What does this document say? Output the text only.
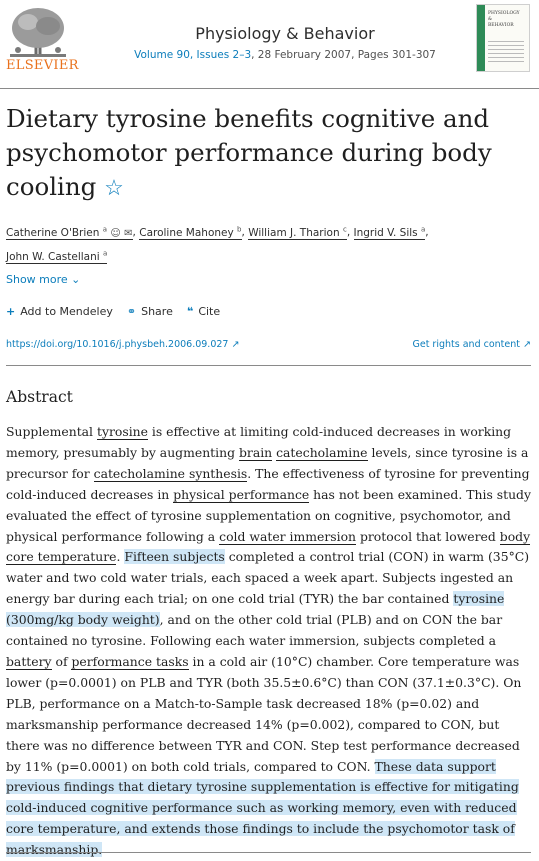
ELSEVIER
Physiology & Behavior
Volume 90, Issues 2–3, 28 February 2007, Pages 301-307
PHYSIOLOGY
&
BEHAVIOR
Dietary tyrosine benefits cognitive and psychomotor performance during body cooling ☆
Catherine O'Brien $^a$ ☺ ✉, Caroline Mahoney $^b$, William J. Tharion $^c$, Ingrid V. Sils $^a$,
John W. Castellani $^a$
Show more ⌄
+ Add to Mendeley ⚭ Share ❝ Cite
https://doi.org/10.1016/j.physbeh.2006.09.027 ↗	Get rights and content ↗
Abstract
Supplemental tyrosine is effective at limiting cold-induced decreases in working memory, presumably by augmenting brain catecholamine levels, since tyrosine is a precursor for catecholamine synthesis. The effectiveness of tyrosine for preventing cold-induced decreases in physical performance has not been examined. This study evaluated the effect of tyrosine supplementation on cognitive, psychomotor, and physical performance following a cold water immersion protocol that lowered body core temperature. Fifteen subjects completed a control trial (CON) in warm (35°C) water and two cold water trials, each spaced a week apart. Subjects ingested an energy bar during each trial; on one cold trial (TYR) the bar contained tyrosine (300mg/kg body weight), and on the other cold trial (PLB) and on CON the bar contained no tyrosine. Following each water immersion, subjects completed a battery of performance tasks in a cold air (10°C) chamber. Core temperature was lower (p=0.0001) on PLB and TYR (both 35.5±0.6°C) than CON (37.1±0.3°C). On PLB, performance on a Match-to-Sample task decreased 18% (p=0.02) and marksmanship performance decreased 14% (p=0.002), compared to CON, but there was no difference between TYR and CON. Step test performance decreased by 11% (p=0.0001) on both cold trials, compared to CON. These data support previous findings that dietary tyrosine supplementation is effective for mitigating cold-induced cognitive performance such as working memory, even with reduced core temperature, and extends those findings to include the psychomotor task of marksmanship.
